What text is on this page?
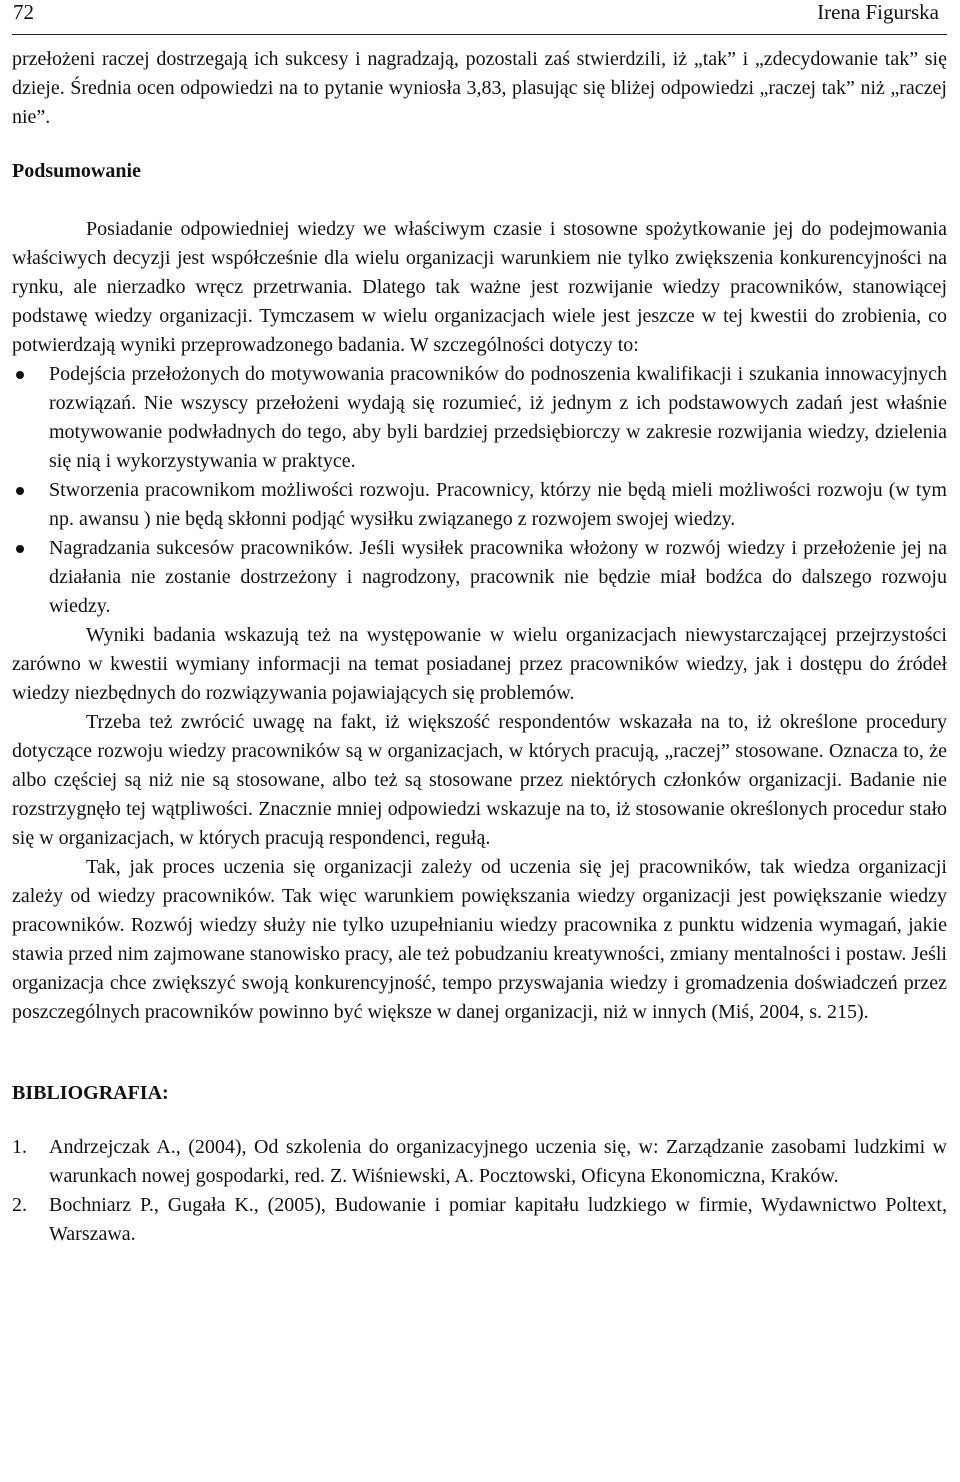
72	Irena Figurska

przełożeni raczej dostrzegają ich sukcesy i nagradzają, pozostali zaś stwierdzili, iż „tak” i „zdecydowanie tak” się dzieje. Średnia ocen odpowiedzi na to pytanie wyniosła 3,83, plasując się bliżej odpowiedzi „raczej tak” niż „raczej nie”.

Podsumowanie

Posiadanie odpowiedniej wiedzy we właściwym czasie i stosowne spożytkowanie jej do podejmowania właściwych decyzji jest współcześnie dla wielu organizacji warunkiem nie tylko zwiększenia konkurencyjności na rynku, ale nierzadko wręcz przetrwania. Dlatego tak ważne jest rozwijanie wiedzy pracowników, stanowiącej podstawę wiedzy organizacji. Tymczasem w wielu organizacjach wiele jest jeszcze w tej kwestii do zrobienia, co potwierdzają wyniki przeprowadzonego badania. W szczególności dotyczy to:

Podejścia przełożonych do motywowania pracowników do podnoszenia kwalifikacji i szukania innowacyjnych rozwiązań. Nie wszyscy przełożeni wydają się rozumieć, iż jednym z ich podstawowych zadań jest właśnie motywowanie podwładnych do tego, aby byli bardziej przedsiębiorczy w zakresie rozwijania wiedzy, dzielenia się nią i wykorzystywania w praktyce.
Stworzenia pracownikom możliwości rozwoju. Pracownicy, którzy nie będą mieli możliwości rozwoju (w tym np. awansu ) nie będą skłonni podjąć wysiłku związanego z rozwojem swojej wiedzy.
Nagradzania sukcesów pracowników. Jeśli wysiłek pracownika włożony w rozwój wiedzy i przełożenie jej na działania nie zostanie dostrzeżony i nagrodzony, pracownik nie będzie miał bodźca do dalszego rozwoju wiedzy.

Wyniki badania wskazują też na występowanie w wielu organizacjach niewystarczającej przejrzystości zarówno w kwestii wymiany informacji na temat posiadanej przez pracowników wiedzy, jak i dostępu do źródeł wiedzy niezbędnych do rozwiązywania pojawiających się problemów.

Trzeba też zwrócić uwagę na fakt, iż większość respondentów wskazała na to, iż określone procedury dotyczące rozwoju wiedzy pracowników są w organizacjach, w których pracują, „raczej” stosowane. Oznacza to, że albo częściej są niż nie są stosowane, albo też są stosowane przez niektórych członków organizacji. Badanie nie rozstrzygnęło tej wątpliwości. Znacznie mniej odpowiedzi wskazuje na to, iż stosowanie określonych procedur stało się w organizacjach, w których pracują respondenci, regułą.

Tak, jak proces uczenia się organizacji zależy od uczenia się jej pracowników, tak wiedza organizacji zależy od wiedzy pracowników. Tak więc warunkiem powiększania wiedzy organizacji jest powiększanie wiedzy pracowników. Rozwój wiedzy służy nie tylko uzupełnianiu wiedzy pracownika z punktu widzenia wymagań, jakie stawia przed nim zajmowane stanowisko pracy, ale też pobudzaniu kreatywności, zmiany mentalności i postaw. Jeśli organizacja chce zwiększyć swoją konkurencyjność, tempo przyswajania wiedzy i gromadzenia doświadczeń przez poszczególnych pracowników powinno być większe w danej organizacji, niż w innych (Miś, 2004, s. 215).

BIBLIOGRAFIA:
1. Andrzejczak A., (2004), Od szkolenia do organizacyjnego uczenia się, w: Zarządzanie zasobami ludzkimi w warunkach nowej gospodarki, red. Z. Wiśniewski, A. Pocztowski, Oficyna Ekonomiczna, Kraków.
2. Bochniarz P., Gugała K., (2005), Budowanie i pomiar kapitału ludzkiego w firmie, Wydawnictwo Poltext, Warszawa.
